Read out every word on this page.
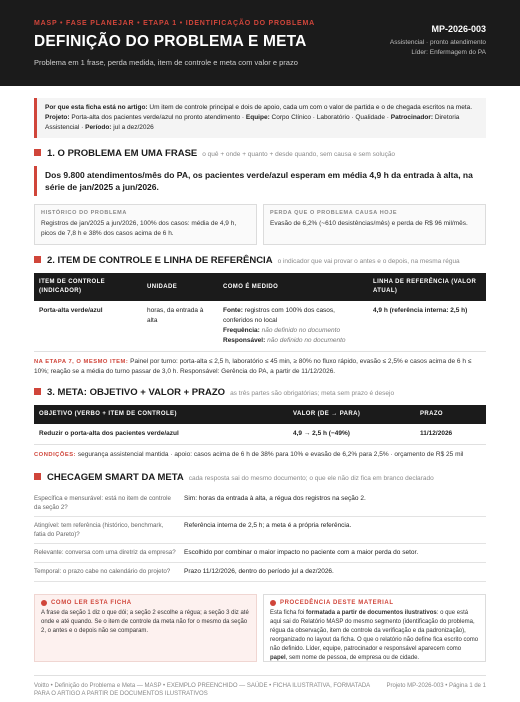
MASP • FASE PLANEJAR • ETAPA 1 • IDENTIFICAÇÃO DO PROBLEMA
DEFINIÇÃO DO PROBLEMA E META
Problema em 1 frase, perda medida, item de controle e meta com valor e prazo
MP-2026-003
Assistencial · pronto atendimento
Líder: Enfermagem do PA
Por que esta ficha está no artigo: Um item de controle principal e dois de apoio, cada um com o valor de partida e o de chegada escritos na meta.
Projeto: Porta-alta dos pacientes verde/azul no pronto atendimento · Equipe: Corpo Clínico · Laboratório · Qualidade · Patrocinador: Diretoria Assistencial · Período: jul a dez/2026
1. O PROBLEMA EM UMA FRASE o quê + onde + quanto + desde quando, sem causa e sem solução
Dos 9.800 atendimentos/mês do PA, os pacientes verde/azul esperam em média 4,9 h da entrada à alta, na série de jan/2025 a jun/2026.
HISTÓRICO DO PROBLEMA
Registros de jan/2025 a jun/2026, 100% dos casos: média de 4,9 h, picos de 7,8 h e 38% dos casos acima de 6 h.
PERDA QUE O PROBLEMA CAUSA HOJE
Evasão de 6,2% (~610 desistências/mês) e perda de R$ 96 mil/mês.
2. ITEM DE CONTROLE E LINHA DE REFERÊNCIA o indicador que vai provar o antes e o depois, na mesma régua
ITEM DE CONTROLE (INDICADOR)	UNIDADE	COMO É MEDIDO	LINHA DE REFERÊNCIA (VALOR ATUAL)
Porta-alta verde/azul	horas, da entrada à alta	Fonte: registros com 100% dos casos, conferidos no local
Frequência: não definido no documento
Responsável: não definido no documento	4,9 h (referência interna: 2,5 h)
NA ETAPA 7, O MESMO ITEM: Painel por turno: porta-alta ≤ 2,5 h, laboratório ≤ 45 min, ≥ 80% no fluxo rápido, evasão ≤ 2,5% e casos acima de 6 h ≤ 10%; reação se a média do turno passar de 3,0 h. Responsável: Gerência do PA, a partir de 11/12/2026.
3. META: OBJETIVO + VALOR + PRAZO as três partes são obrigatórias; meta sem prazo é desejo
OBJETIVO (VERBO + ITEM DE CONTROLE)	VALOR (DE → PARA)	PRAZO
Reduzir o porta-alta dos pacientes verde/azul	4,9 → 2,5 h (−49%)	11/12/2026
CONDIÇÕES: segurança assistencial mantida · apoio: casos acima de 6 h de 38% para 10% e evasão de 6,2% para 2,5% · orçamento de R$ 25 mil
CHECAGEM SMART DA META cada resposta sai do mesmo documento; o que ele não diz fica em branco declarado
Específica e mensurável: está no item de controle da seção 2?
Sim: horas da entrada à alta, a régua dos registros na seção 2.
Atingível: tem referência (histórico, benchmark, fatia do Pareto)?
Referência interna de 2,5 h; a meta é a própria referência.
Relevante: conversa com uma diretriz da empresa?	Escolhido por combinar o maior impacto no paciente com a maior perda do setor.
Temporal: o prazo cabe no calendário do projeto?	Prazo 11/12/2026, dentro do período jul a dez/2026.
COMO LER ESTA FICHA
A frase da seção 1 diz o que dói; a seção 2 escolhe a régua; a seção 3 diz até onde e até quando. Se o item de controle da meta não for o mesmo da seção 2, o antes e o depois não se comparam.
PROCEDÊNCIA DESTE MATERIAL
Esta ficha foi formatada a partir de documentos ilustrativos: o que está aqui sai do Relatório MASP do mesmo segmento (identificação do problema, régua da observação, item de controle da verificação e da padronização), reorganizado no layout da ficha. O que o relatório não define fica escrito como não definido. Líder, equipe, patrocinador e responsável aparecem como papel, sem nome de pessoa, de empresa ou de cidade.
Voitto • Definição do Problema e Meta — MASP • EXEMPLO PREENCHIDO — SAÚDE • FICHA ILUSTRATIVA, FORMATADA
PARA O ARTIGO A PARTIR DE DOCUMENTOS ILUSTRATIVOS
Projeto MP-2026-003 • Página 1 de 1
